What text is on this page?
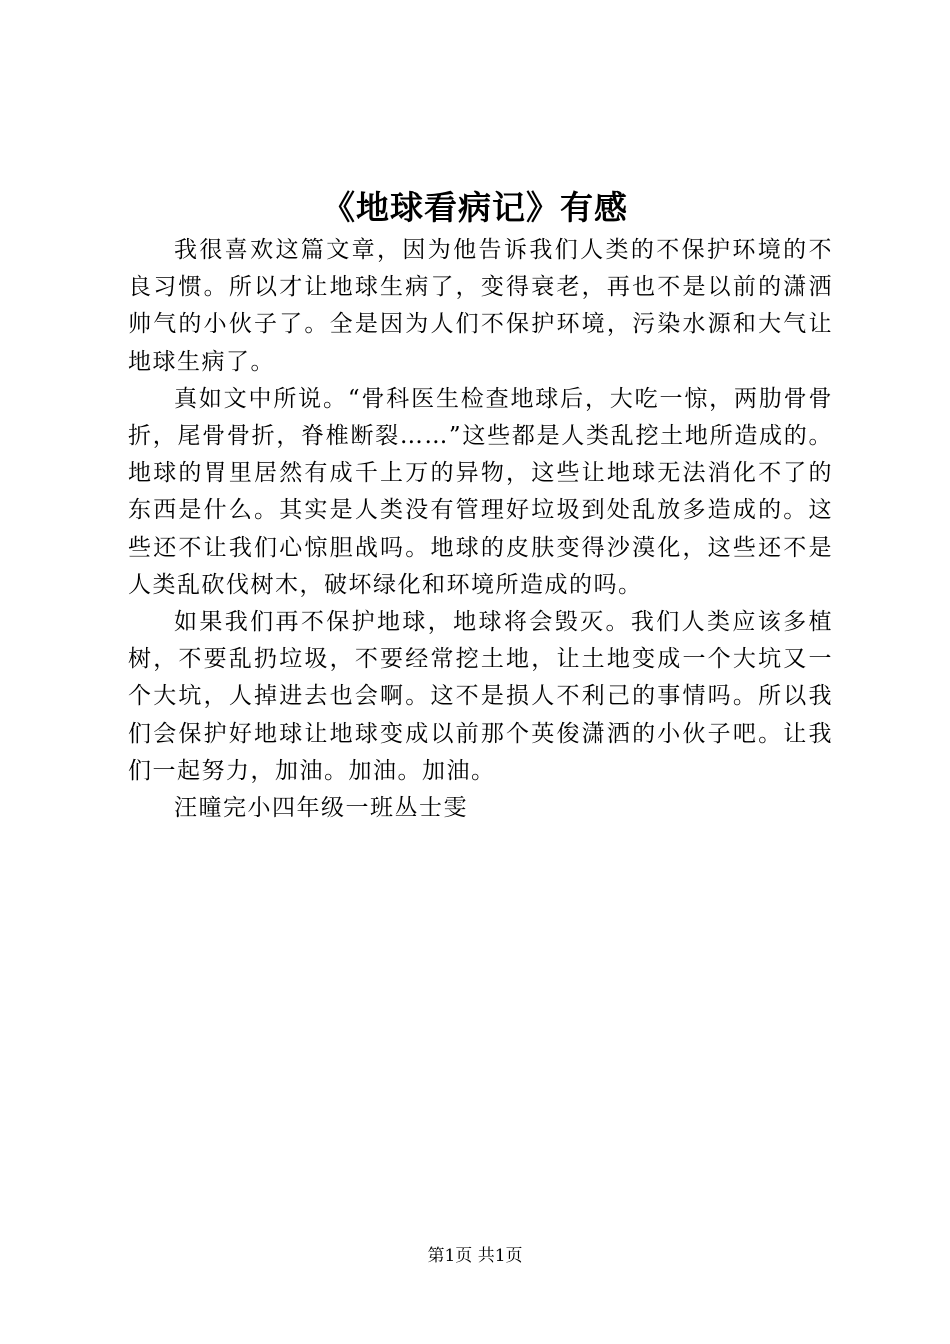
《地球看病记》有感

我很喜欢这篇文章，因为他告诉我们人类的不保护环境的不良习惯。所以才让地球生病了，变得衰老，再也不是以前的潇洒帅气的小伙子了。全是因为人们不保护环境，污染水源和大气让地球生病了。

真如文中所说。“骨科医生检查地球后，大吃一惊，两肋骨骨折，尾骨骨折，脊椎断裂……”这些都是人类乱挖土地所造成的。地球的胃里居然有成千上万的异物，这些让地球无法消化不了的东西是什么。其实是人类没有管理好垃圾到处乱放多造成的。这些还不让我们心惊胆战吗。地球的皮肤变得沙漠化，这些还不是人类乱砍伐树木，破坏绿化和环境所造成的吗。

如果我们再不保护地球，地球将会毁灭。我们人类应该多植树，不要乱扔垃圾，不要经常挖土地，让土地变成一个大坑又一个大坑，人掉进去也会啊。这不是损人不利己的事情吗。所以我们会保护好地球让地球变成以前那个英俊潇洒的小伙子吧。让我们一起努力，加油。加油。加油。

汪曈完小四年级一班丛士雯

第1页 共1页
